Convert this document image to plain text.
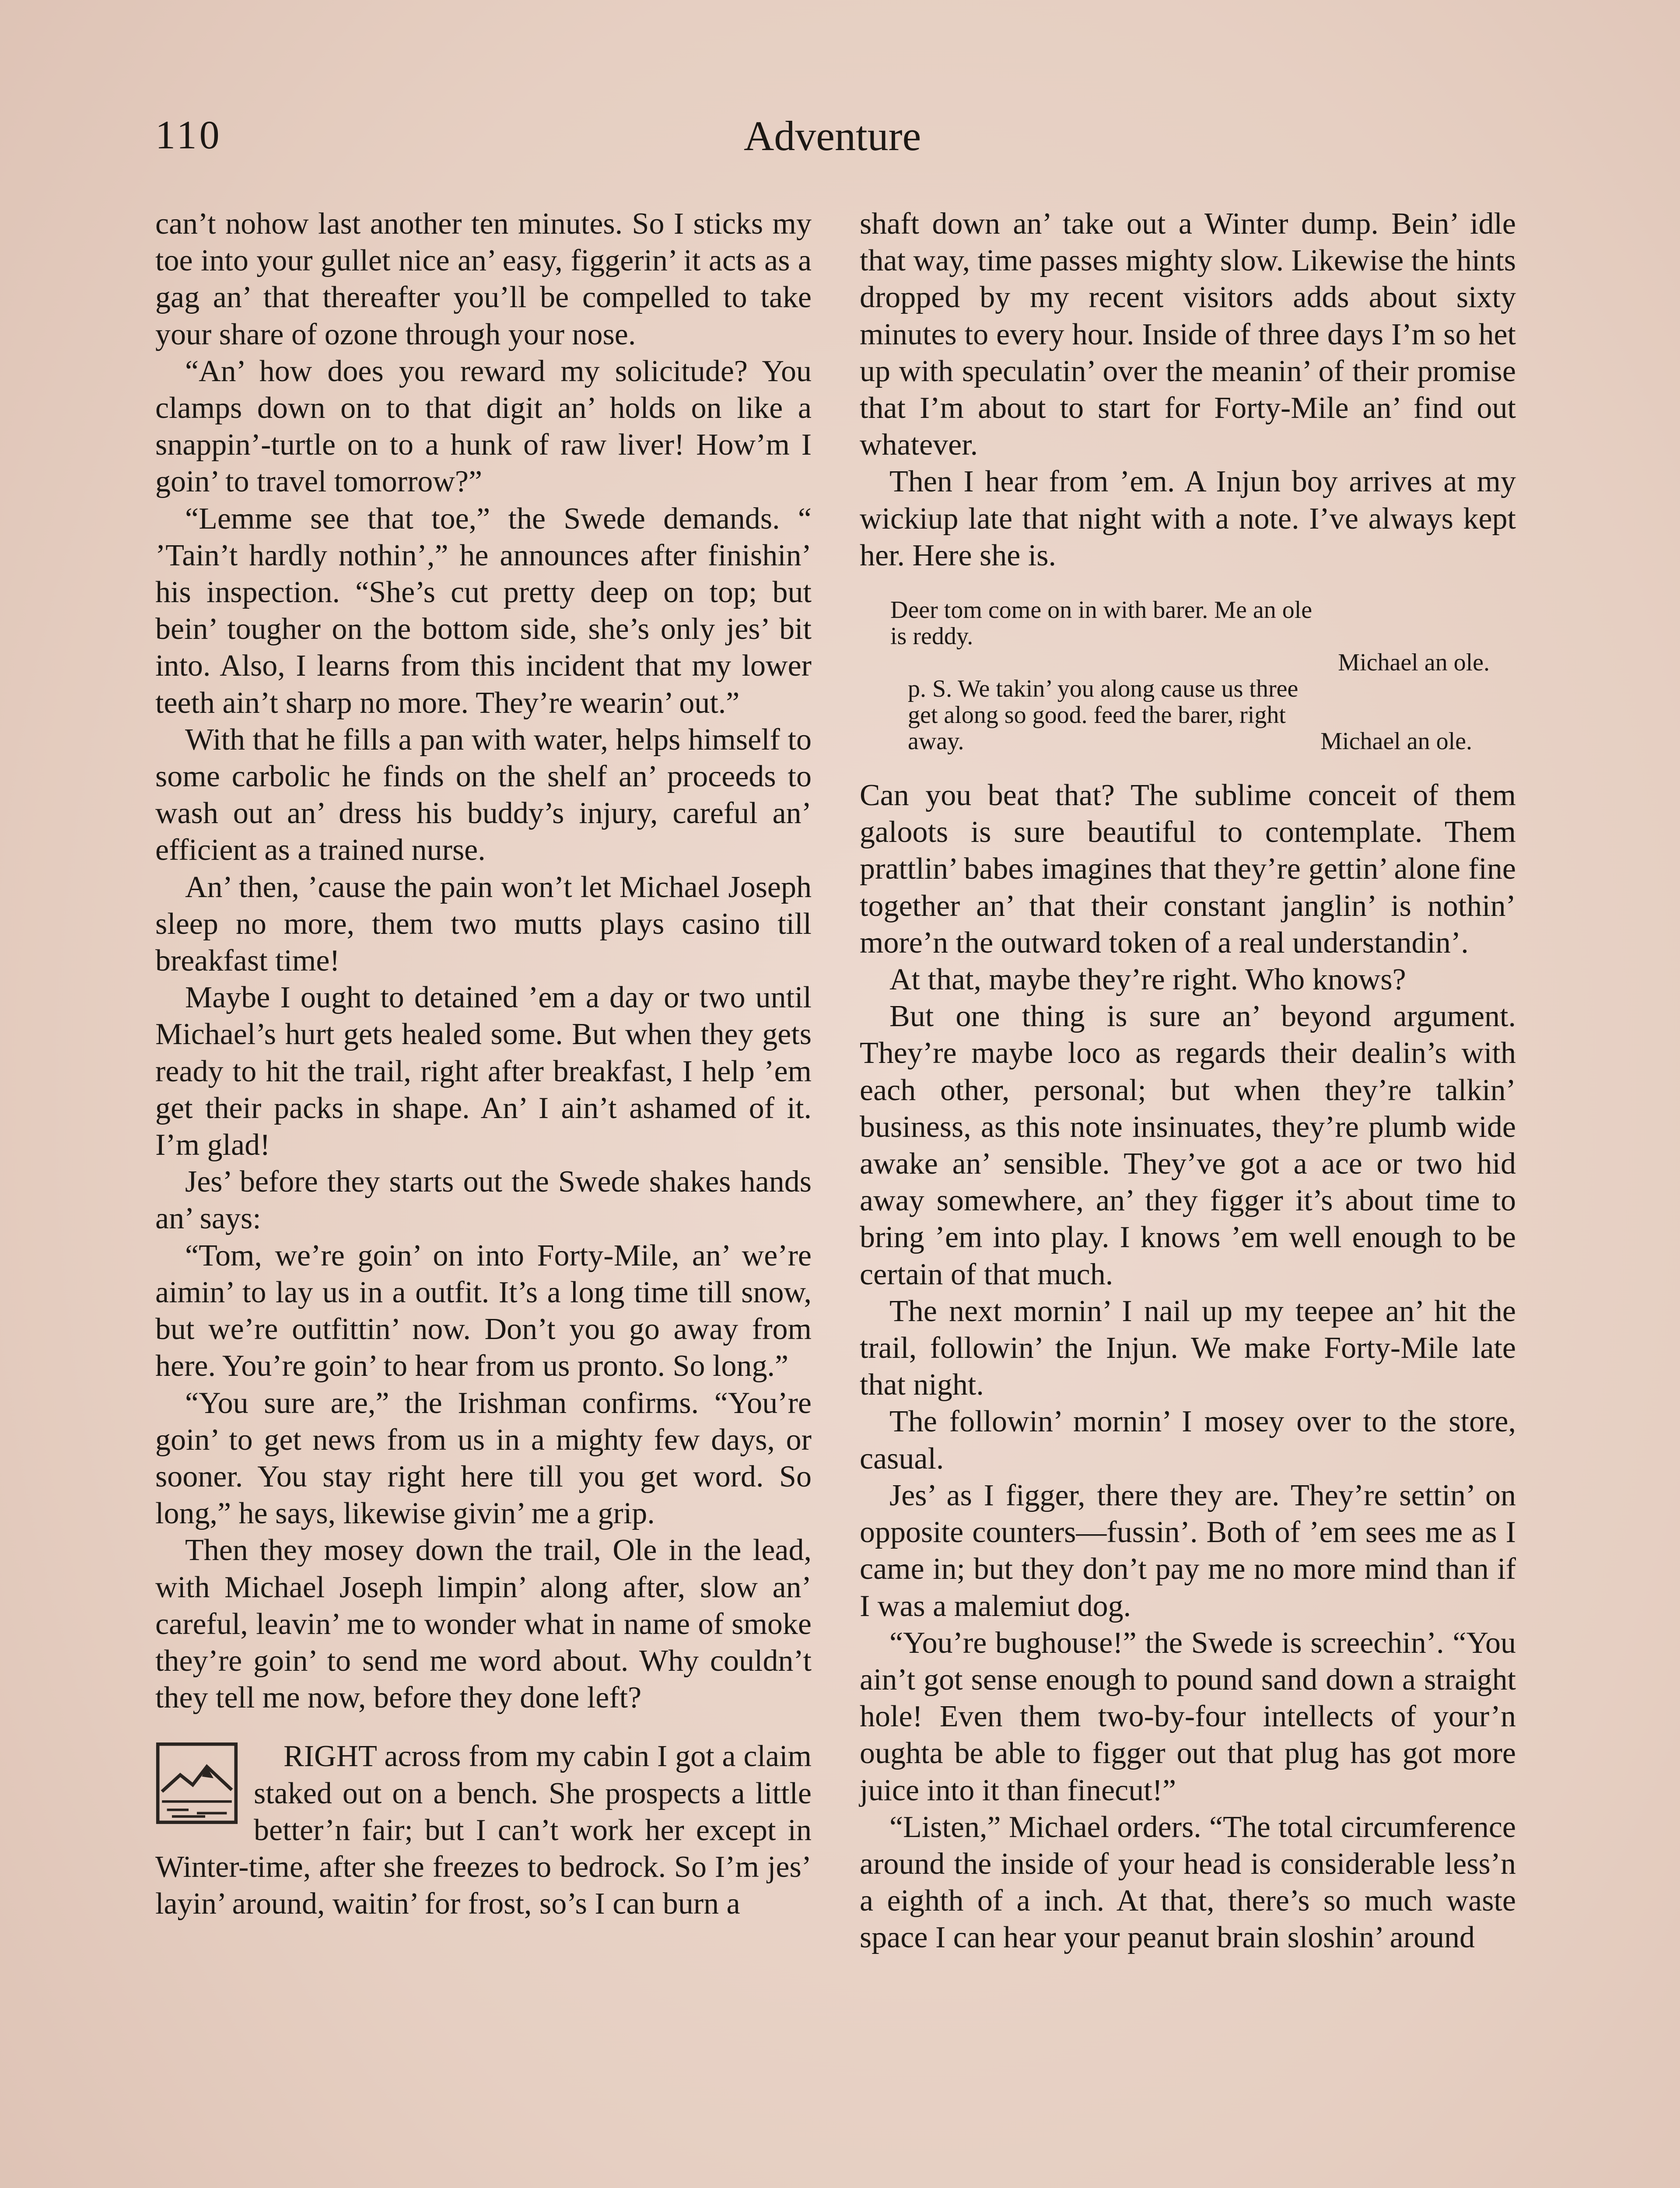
110	Adventure

can’t nohow last another ten minutes. So I sticks my toe into your gullet nice an’ easy, figgerin’ it acts as a gag an’ that thereafter you’ll be compelled to take your share of ozone through your nose.

“An’ how does you reward my solicitude? You clamps down on to that digit an’ holds on like a snappin’-turtle on to a hunk of raw liver! How’m I goin’ to travel tomorrow?”

“Lemme see that toe,” the Swede demands. “ ’Tain’t hardly nothin’,” he announces after finishin’ his inspection. “She’s cut pretty deep on top; but bein’ tougher on the bottom side, she’s only jes’ bit into. Also, I learns from this incident that my lower teeth ain’t sharp no more. They’re wearin’ out.”

With that he fills a pan with water, helps himself to some carbolic he finds on the shelf an’ proceeds to wash out an’ dress his buddy’s injury, careful an’ efficient as a trained nurse.

An’ then, ’cause the pain won’t let Michael Joseph sleep no more, them two mutts plays casino till breakfast time!

Maybe I ought to detained ’em a day or two until Michael’s hurt gets healed some. But when they gets ready to hit the trail, right after breakfast, I help ’em get their packs in shape. An’ I ain’t ashamed of it. I’m glad!

Jes’ before they starts out the Swede shakes hands an’ says:

“Tom, we’re goin’ on into Forty-Mile, an’ we’re aimin’ to lay us in a outfit. It’s a long time till snow, but we’re outfittin’ now. Don’t you go away from here. You’re goin’ to hear from us pronto. So long.”

“You sure are,” the Irishman confirms. “You’re goin’ to get news from us in a mighty few days, or sooner. You stay right here till you get word. So long,” he says, likewise givin’ me a grip.

Then they mosey down the trail, Ole in the lead, with Michael Joseph limpin’ along after, slow an’ careful, leavin’ me to wonder what in name of smoke they’re goin’ to send me word about. Why couldn’t they tell me now, before they done left?

RIGHT across from my cabin I got a claim staked out on a bench. She prospects a little better’n fair; but I can’t work her except in Winter-time, after she freezes to bedrock. So I’m jes’ layin’ around, waitin’ for frost, so’s I can burn a

shaft down an’ take out a Winter dump. Bein’ idle that way, time passes mighty slow. Likewise the hints dropped by my recent visitors adds about sixty minutes to every hour. Inside of three days I’m so het up with speculatin’ over the meanin’ of their promise that I’m about to start for Forty-Mile an’ find out whatever.

Then I hear from ’em. A Injun boy arrives at my wickiup late that night with a note. I’ve always kept her. Here she is.

Deer tom come on in with barer. Me an ole
is reddy.
Michael an ole.
p. S. We takin’ you along cause us three
get along so good. feed the barer, right
away.	Michael an ole.

Can you beat that? The sublime conceit of them galoots is sure beautiful to contemplate. Them prattlin’ babes imagines that they’re gettin’ alone fine together an’ that their constant janglin’ is nothin’ more’n the outward token of a real understandin’.

At that, maybe they’re right. Who knows?

But one thing is sure an’ beyond argument. They’re maybe loco as regards their dealin’s with each other, personal; but when they’re talkin’ business, as this note insinuates, they’re plumb wide awake an’ sensible. They’ve got a ace or two hid away somewhere, an’ they figger it’s about time to bring ’em into play. I knows ’em well enough to be certain of that much.

The next mornin’ I nail up my teepee an’ hit the trail, followin’ the Injun. We make Forty-Mile late that night.

The followin’ mornin’ I mosey over to the store, casual.

Jes’ as I figger, there they are. They’re settin’ on opposite counters—fussin’. Both of ’em sees me as I came in; but they don’t pay me no more mind than if I was a malemiut dog.

“You’re bughouse!” the Swede is screechin’. “You ain’t got sense enough to pound sand down a straight hole! Even them two-by-four intellects of your’n oughta be able to figger out that plug has got more juice into it than finecut!”

“Listen,” Michael orders. “The total circumference around the inside of your head is considerable less’n a eighth of a inch. At that, there’s so much waste space I can hear your peanut brain sloshin’ around
